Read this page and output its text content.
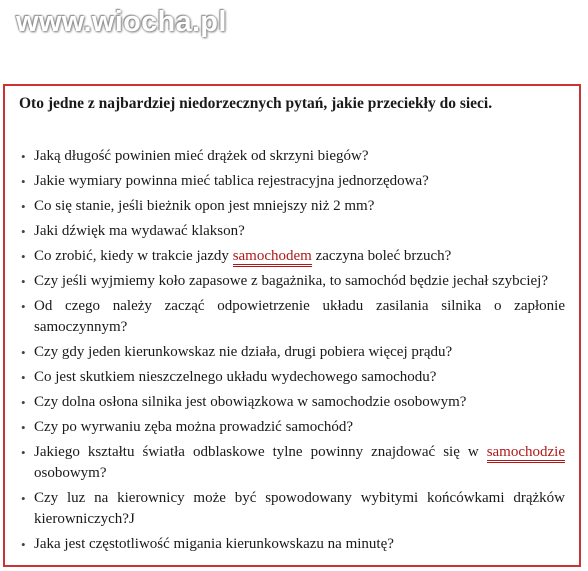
www.wiocha.pl

Oto jedne z najbardziej niedorzecznych pytań, jakie przeciekły do sieci.

• Jaką długość powinien mieć drążek od skrzyni biegów?
• Jakie wymiary powinna mieć tablica rejestracyjna jednorzędowa?
• Co się stanie, jeśli bieżnik opon jest mniejszy niż 2 mm?
• Jaki dźwięk ma wydawać klakson?
• Co zrobić, kiedy w trakcie jazdy samochodem zaczyna boleć brzuch?
• Czy jeśli wyjmiemy koło zapasowe z bagażnika, to samochód będzie jechał szybciej?
• Od czego należy zacząć odpowietrzenie układu zasilania silnika o zapłonie samoczynnym?
• Czy gdy jeden kierunkowskaz nie działa, drugi pobiera więcej prądu?
• Co jest skutkiem nieszczelnego układu wydechowego samochodu?
• Czy dolna osłona silnika jest obowiązkowa w samochodzie osobowym?
• Czy po wyrwaniu zęba można prowadzić samochód?
• Jakiego kształtu światła odblaskowe tylne powinny znajdować się w samochodzie osobowym?
• Czy luz na kierownicy może być spowodowany wybitymi końcówkami drążków kierowniczych?J
• Jaka jest częstotliwość migania kierunkowskazu na minutę?
